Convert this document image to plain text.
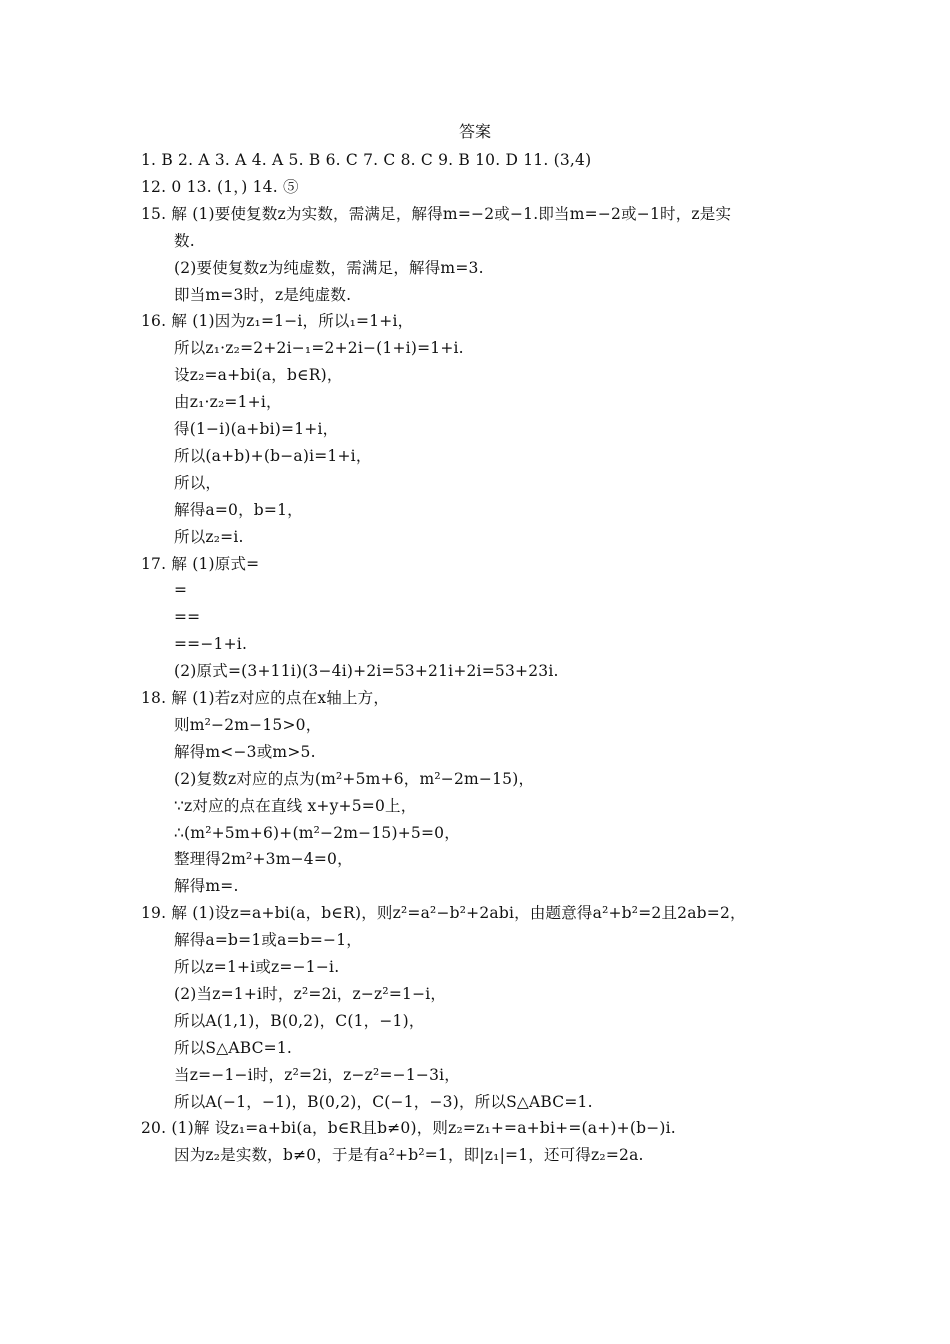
答案
1. B 2. A 3. A 4. A 5. B 6. C 7. C 8. C 9. B 10. D 11. (3,4)
12. 0 13. (1，) 14. ⑤
15. 解 (1)要使复数z为实数，需满足，解得m=−2或−1.即当m=−2或−1时，z是实
数.
(2)要使复数z为纯虚数，需满足，解得m=3.
即当m=3时，z是纯虚数.
16. 解 (1)因为z₁=1−i，所以₁=1+i，
所以z₁·z₂=2+2i−₁=2+2i−(1+i)=1+i.
设z₂=a+bi(a，b∈R)，
由z₁·z₂=1+i，
得(1−i)(a+bi)=1+i，
所以(a+b)+(b−a)i=1+i，
所以，
解得a=0，b=1，
所以z₂=i.
17. 解 (1)原式=
=
==
==−1+i.
(2)原式=(3+11i)(3−4i)+2i=53+21i+2i=53+23i.
18. 解 (1)若z对应的点在x轴上方，
则m²−2m−15>0，
解得m<−3或m>5.
(2)复数z对应的点为(m²+5m+6，m²−2m−15)，
∵z对应的点在直线 x+y+5=0上，
∴(m²+5m+6)+(m²−2m−15)+5=0，
整理得2m²+3m−4=0，
解得m=.
19. 解 (1)设z=a+bi(a，b∈R)，则z²=a²−b²+2abi，由题意得a²+b²=2且2ab=2，
解得a=b=1或a=b=−1，
所以z=1+i或z=−1−i.
(2)当z=1+i时，z²=2i，z−z²=1−i，
所以A(1,1)，B(0,2)，C(1，−1)，
所以S△ABC=1.
当z=−1−i时，z²=2i，z−z²=−1−3i，
所以A(−1，−1)，B(0,2)，C(−1，−3)，所以S△ABC=1.
20. (1)解 设z₁=a+bi(a，b∈R且b≠0)，则z₂=z₁+=a+bi+=(a+)+(b−)i.
因为z₂是实数，b≠0，于是有a²+b²=1，即|z₁|=1，还可得z₂=2a.
